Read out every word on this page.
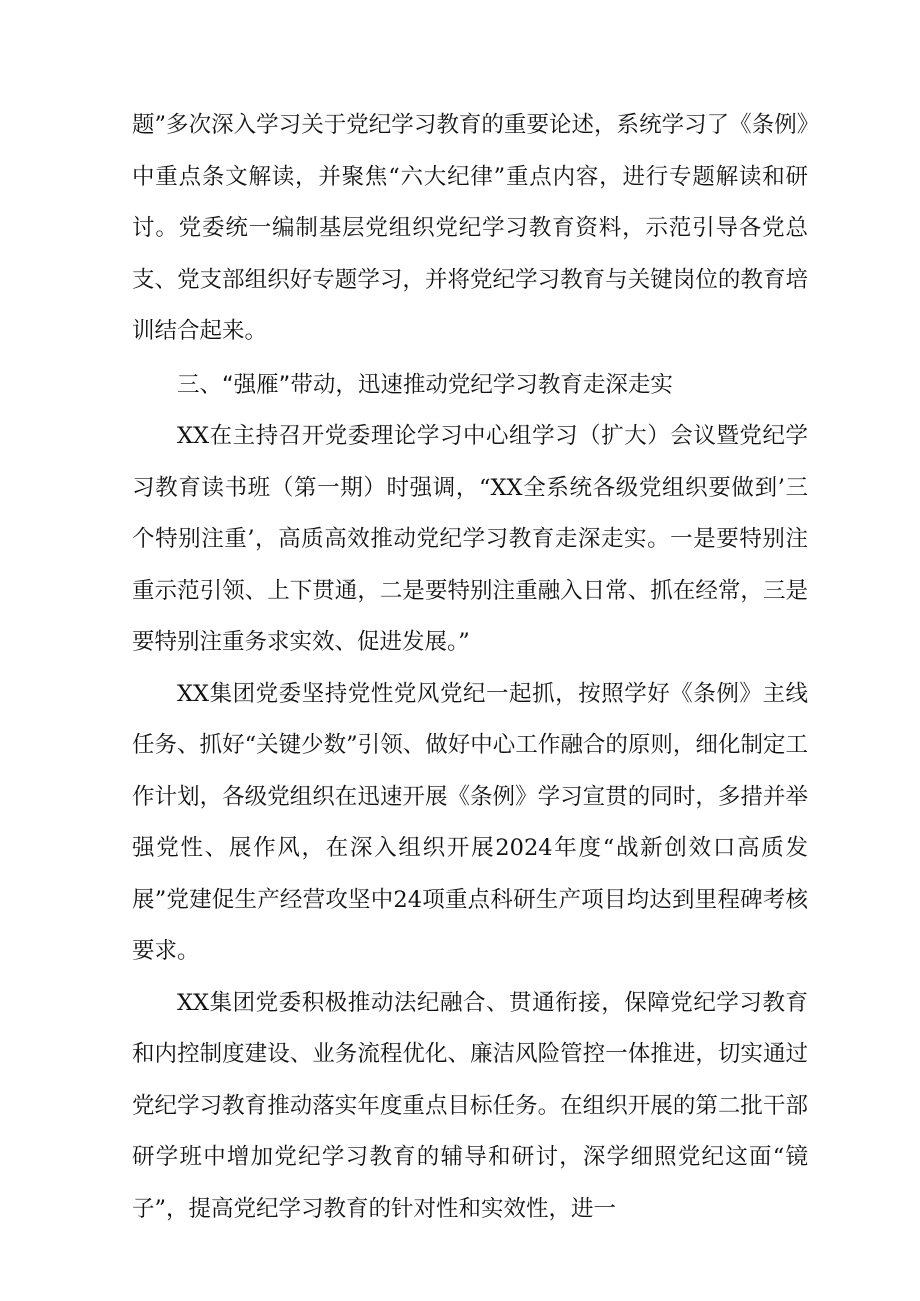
题”多次深入学习关于党纪学习教育的重要论述，系统学习了《条例》中重点条文解读，并聚焦“六大纪律”重点内容，进行专题解读和研讨。党委统一编制基层党组织党纪学习教育资料，示范引导各党总支、党支部组织好专题学习，并将党纪学习教育与关键岗位的教育培训结合起来。

三、“强雁”带动，迅速推动党纪学习教育走深走实

XX在主持召开党委理论学习中心组学习（扩大）会议暨党纪学习教育读书班（第一期）时强调，“XX全系统各级党组织要做到’三个特别注重’，高质高效推动党纪学习教育走深走实。一是要特别注重示范引领、上下贯通，二是要特别注重融入日常、抓在经常，三是要特别注重务求实效、促进发展。”

XX集团党委坚持党性党风党纪一起抓，按照学好《条例》主线任务、抓好“关键少数”引领、做好中心工作融合的原则，细化制定工作计划，各级党组织在迅速开展《条例》学习宣贯的同时，多措并举强党性、展作风，在深入组织开展2024年度“战新创效口高质发展”党建促生产经营攻坚中24项重点科研生产项目均达到里程碑考核要求。

XX集团党委积极推动法纪融合、贯通衔接，保障党纪学习教育和内控制度建设、业务流程优化、廉洁风险管控一体推进，切实通过党纪学习教育推动落实年度重点目标任务。在组织开展的第二批干部研学班中增加党纪学习教育的辅导和研讨，深学细照党纪这面“镜子”，提高党纪学习教育的针对性和实效性，进一
